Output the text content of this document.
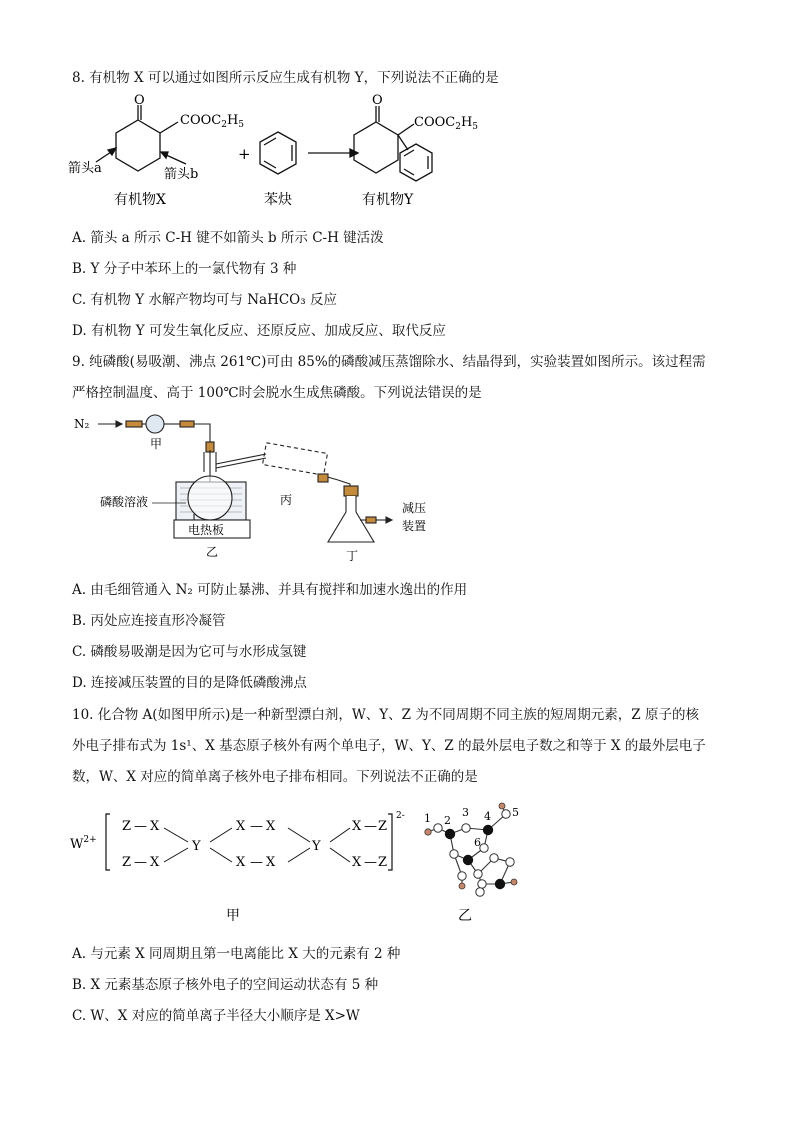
8. 有机物 X 可以通过如图所示反应生成有机物 Y，下列说法不正确的是
O
$COOC_2H_5$
箭头a	箭头b
有机物X
+
苯炔
O
$COOC_2H_5$
有机物Y
A. 箭头 a 所示 C-H 键不如箭头 b 所示 C-H 键活泼
B. Y 分子中苯环上的一氯代物有 3 种
C. 有机物 Y 水解产物均可与 NaHCO₃ 反应
D. 有机物 Y 可发生氧化反应、还原反应、加成反应、取代反应
9. 纯磷酸(易吸潮、沸点 261℃)可由 85%的磷酸减压蒸馏除水、结晶得到，实验装置如图所示。该过程需
严格控制温度、高于 100℃时会脱水生成焦磷酸。下列说法错误的是
N₂
甲
磷酸溶液
电热板
乙
丙
丁
减压
装置
A. 由毛细管通入 N₂ 可防止暴沸、并具有搅拌和加速水逸出的作用
B. 丙处应连接直形冷凝管
C. 磷酸易吸潮是因为它可与水形成氢键
D. 连接减压装置的目的是降低磷酸沸点
10. 化合物 A(如图甲所示)是一种新型漂白剂，W、Y、Z 为不同周期不同主族的短周期元素，Z 原子的核
外电子排布式为 1s¹、X 基态原子核外有两个单电子，W、Y、Z 的最外层电子数之和等于 X 的最外层电子
数，W、X 对应的简单离子核外电子排布相同。下列说法不正确的是
$W^{2+}$
Z — X
Z — X
Y
X — X
X — X
Y
X — Z
X — Z
2-
甲
1 2
3 4 5
6
乙
A. 与元素 X 同周期且第一电离能比 X 大的元素有 2 种
B. X 元素基态原子核外电子的空间运动状态有 5 种
C. W、X 对应的简单离子半径大小顺序是 X>W
